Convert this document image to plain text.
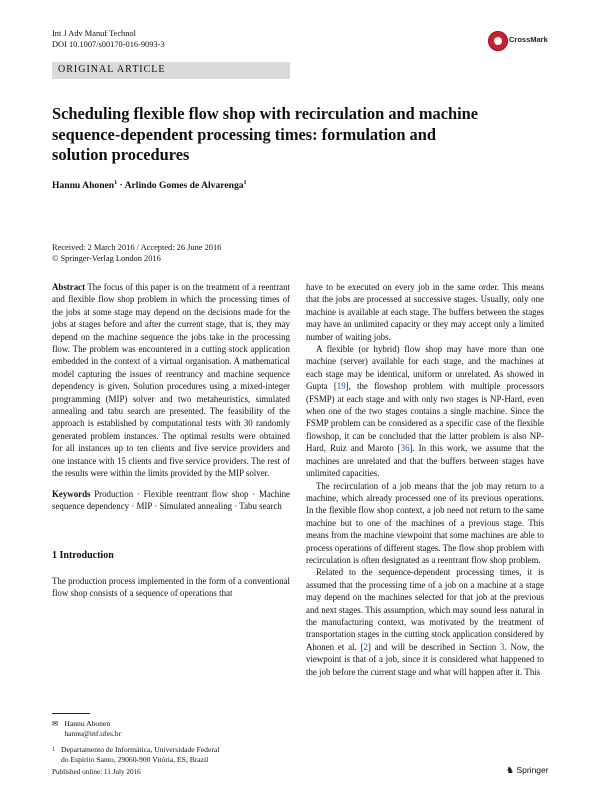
Int J Adv Manuf Technol
DOI 10.1007/s00170-016-9093-3
CrossMark
ORIGINAL ARTICLE
Scheduling flexible flow shop with recirculation and machine sequence-dependent processing times: formulation and solution procedures
Hannu Ahonen$^1$ · Arlindo Gomes de Alvarenga$^1$
Received: 2 March 2016 / Accepted: 26 June 2016
© Springer-Verlag London 2016

Abstract The focus of this paper is on the treatment of a reentrant and flexible flow shop problem in which the processing times of the jobs at some stage may depend on the decisions made for the jobs at stages before and after the current stage, that is, they may depend on the machine sequence the jobs take in the processing flow. The problem was encountered in a cutting stock application embedded in the context of a virtual organisation. A mathematical model capturing the issues of reentrancy and machine sequence dependency is given. Solution procedures using a mixed-integer programming (MIP) solver and two metaheuristics, simulated annealing and tabu search are presented. The feasibility of the approach is established by computational tests with 30 randomly generated problem instances. The optimal results were obtained for all instances up to ten clients and five service providers and one instance with 15 clients and five service providers. The rest of the results were within the limits provided by the MIP solver.

Keywords Production · Flexible reentrant flow shop · Machine sequence dependency · MIP · Simulated annealing · Tabu search

1 Introduction

The production process implemented in the form of a conventional flow shop consists of a sequence of operations that

have to be executed on every job in the same order. This means that the jobs are processed at successive stages. Usually, only one machine is available at each stage. The buffers between the stages may have an unlimited capacity or they may accept only a limited number of waiting jobs.

A flexible (or hybrid) flow shop may have more than one machine (server) available for each stage, and the machines at each stage may be identical, uniform or unrelated. As showed in Gupta [19], the flowshop problem with multiple processors (FSMP) at each stage and with only two stages is NP-Hard, even when one of the two stages contains a single machine. Since the FSMP problem can be considered as a specific case of the flexible flowshop, it can be concluded that the latter problem is also NP-Hard, Ruiz and Maroto [36]. In this work, we assume that the machines are unrelated and that the buffers between stages have unlimited capacities.

The recirculation of a job means that the job may return to a machine, which already processed one of its previous operations. In the flexible flow shop context, a job need not return to the same machine but to one of the machines of a previous stage. This means from the machine viewpoint that some machines are able to process operations of different stages. The flow shop problem with recirculation is often designated as a reentrant flow shop problem.

Related to the sequence-dependent processing times, it is assumed that the processing time of a job on a machine at a stage may depend on the machines selected for that job at the previous and next stages. This assumption, which may sound less natural in the manufacturing context, was motivated by the treatment of transportation stages in the cutting stock application considered by Ahonen et al. [2] and will be described in Section 3. Now, the viewpoint is that of a job, since it is considered what happened to the job before the current stage and what will happen after it. This

✉ Hannu Ahonen
hannu@inf.ufes.br
1 Departamento de Informática, Universidade Federal
do Espírito Santo, 29060-900 Vitória, ES, Brazil
Published online: 11 July 2016	♞ Springer
